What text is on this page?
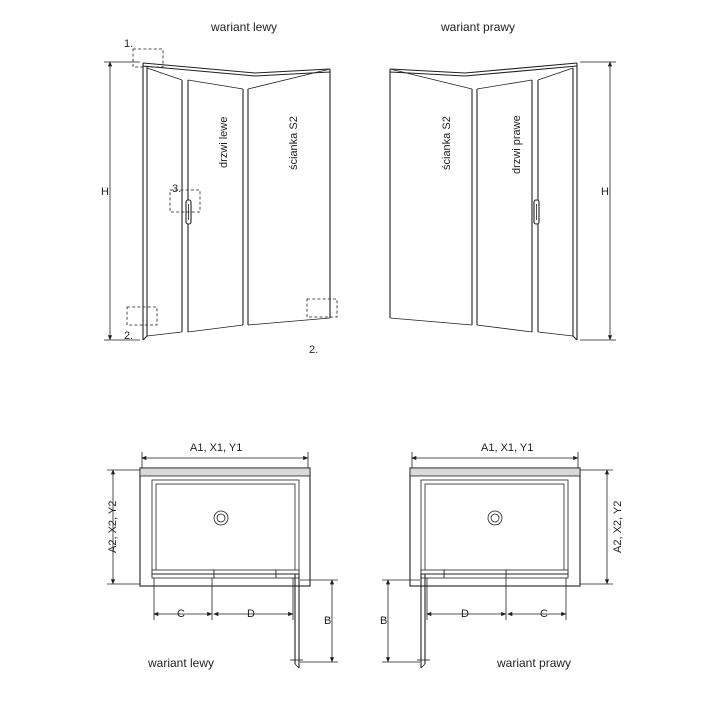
wariant lewy	wariant prawy
wariant lewy	wariant prawy
drzwi lewe	ścianka S2	ścianka S2	drzwi prawe
H	H
1.
2.
2.
3.
A1, X1, Y1	A1, X1, Y1
A2, X2, Y2	A2, X2, Y2
C	D
B
D	C
B
